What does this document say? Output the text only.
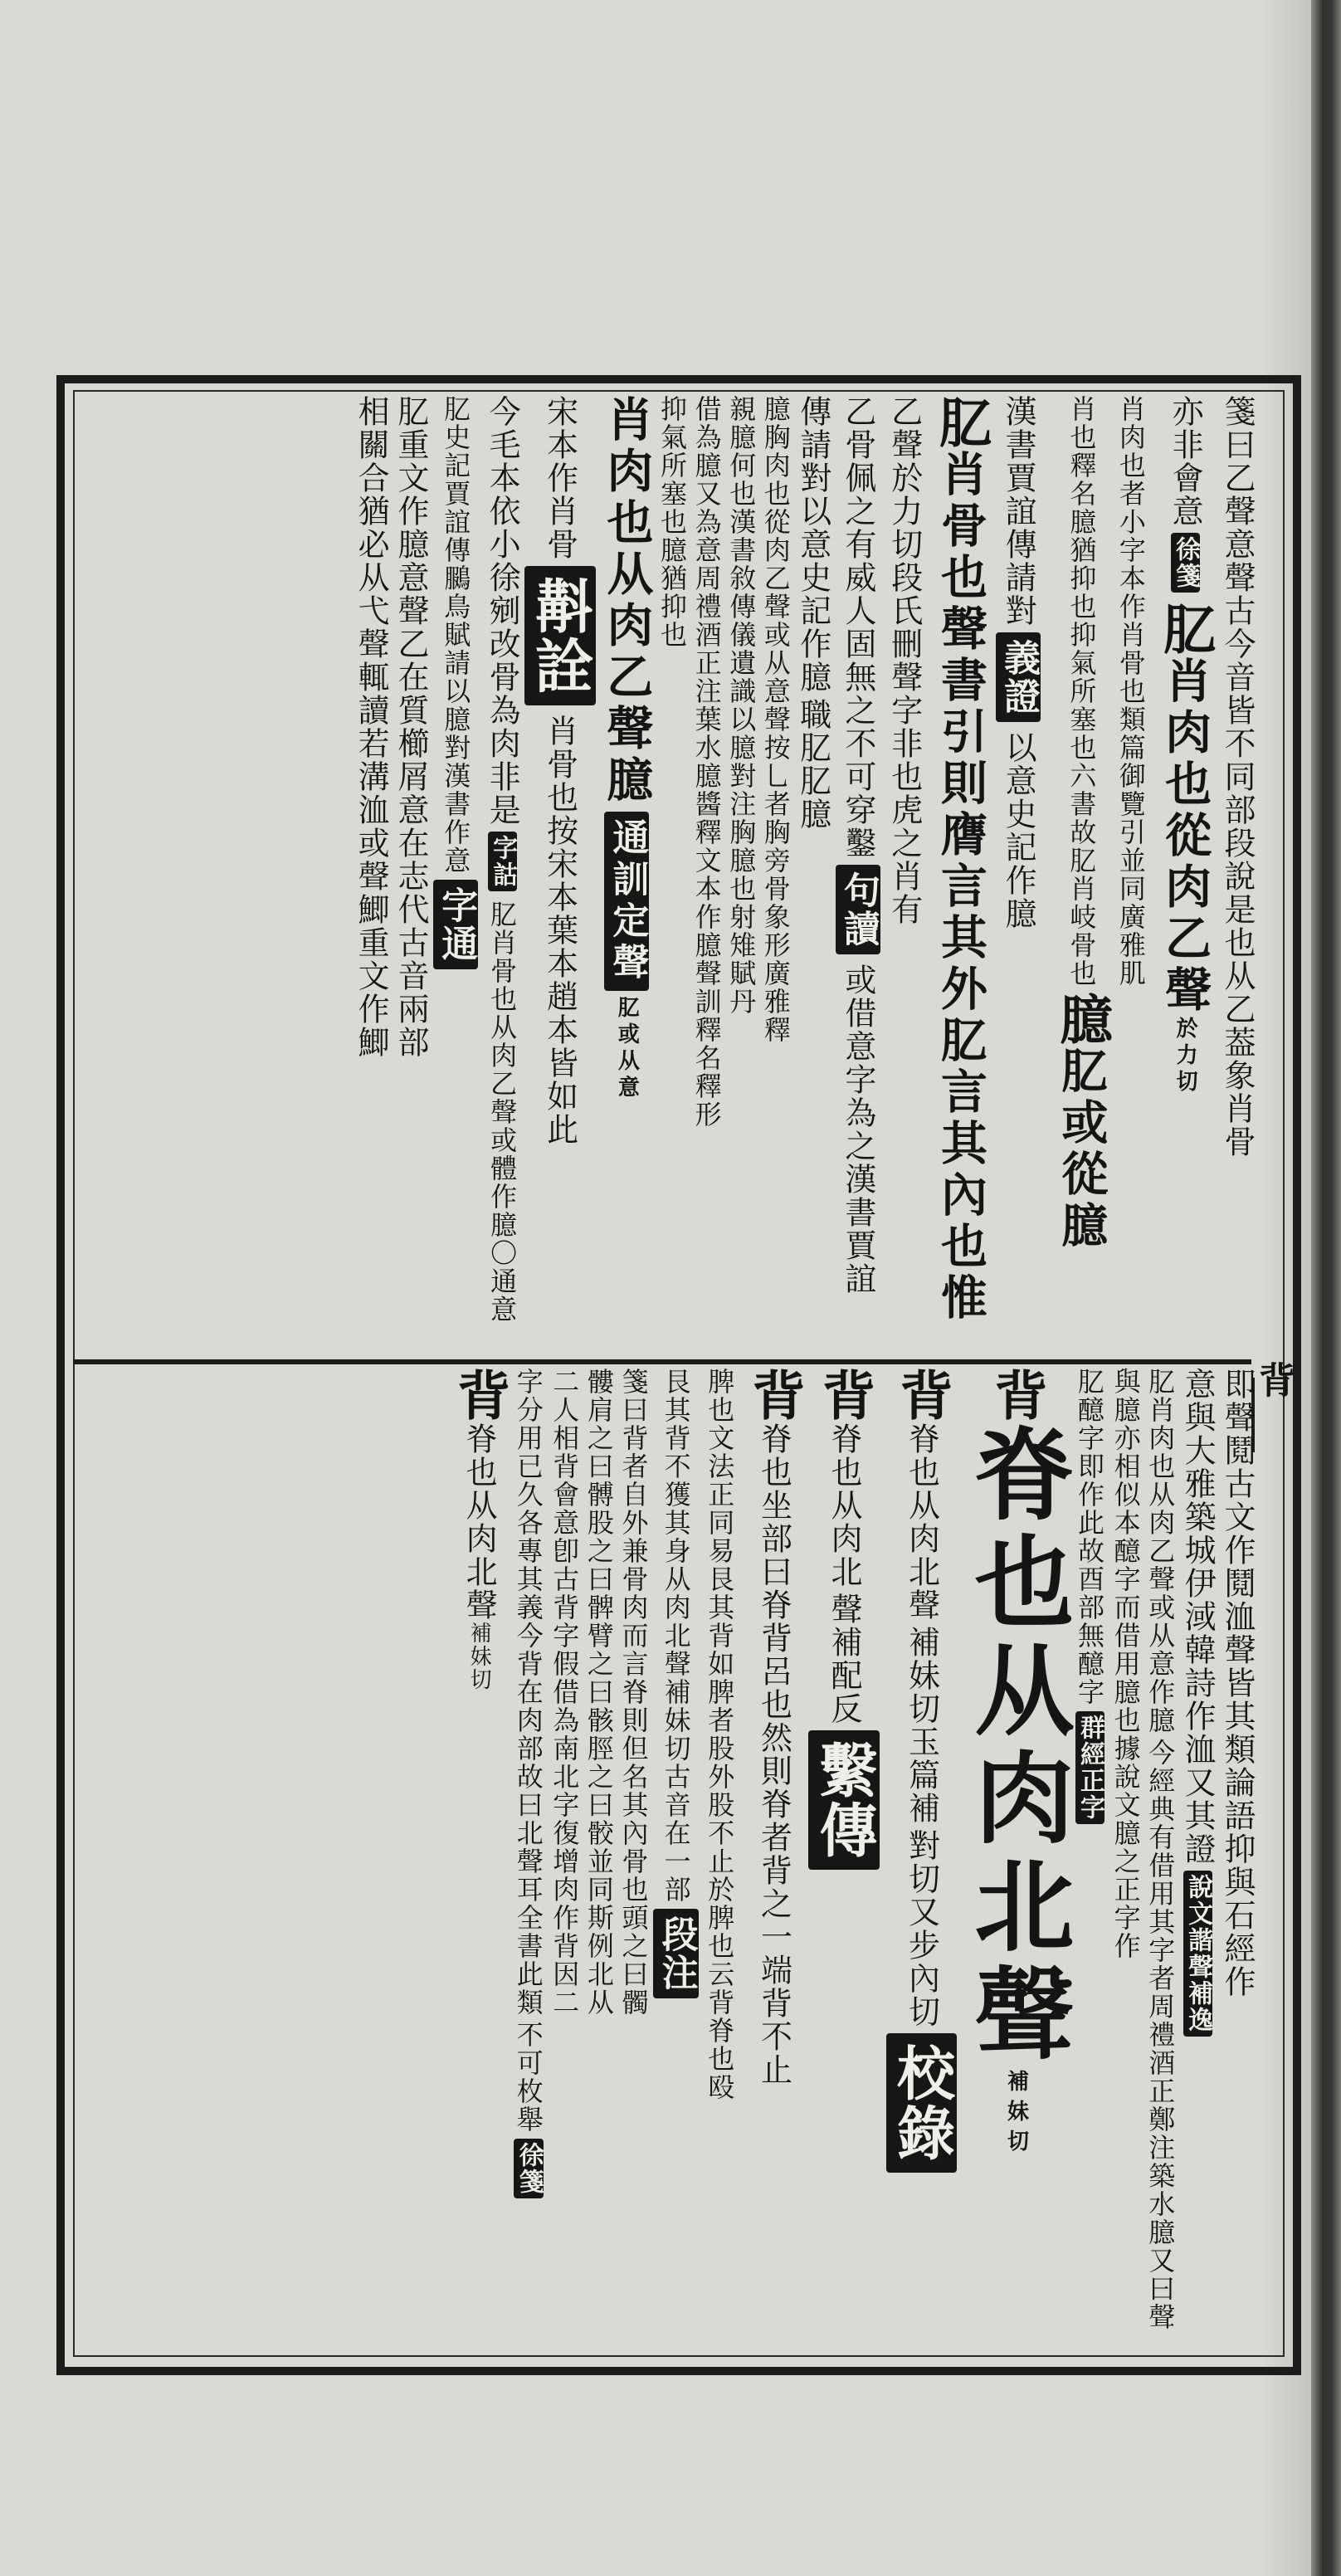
背
箋曰乙聲意聲古今音皆不同部段說是也从乙葢象肖骨 亦非會意徐箋 肊肖肉也從肉乙聲於力切 肖肉也者小字本作肖骨也類篇御覽引並同廣雅肌 肖也釋名臆猶抑也抑氣所塞也六書故肊肖岐骨也 臆肊或從臆 漢書賈誼傳請對義證 以意史記作臆 肊肖骨也聲書引則膺言其外肊言其內也惟 乙聲於力切段氏刪聲字非也虎之肖有 乙骨佩之有威人固無之不可穿鑿句讀 或借意字為之漢書賈誼 傳請對以意史記作臆 職肊肊臆 臆胸肉也從肉乙聲或从意聲按乚者胸旁骨象形廣雅釋 親臆何也漢書敘傳儀遺識以臆對注胸臆也射雉賦丹 借為臆又為意周禮酒正注葉水臆醬釋文本作臆聲訓釋名釋形 抑氣所塞也臆猶抑也 肖肉也从肉乙聲臆通訓定聲肊或从意 宋本作肖骨斠詮 肖骨也按宋本葉本趙本皆如此 今毛本依小徐剜改骨為肉非是字詁 肊肖骨也从肉乙聲或體作臆〇通意 肊史記賈誼傳鵩鳥賦請以臆對漢書作意字通 肊重文作臆意聲乙在質櫛屑意在志代古音兩部 相關合猶必从弋聲輒讀若溝洫或聲鯽重文作鯽
即聲鬩古文作鬩洫聲皆其類論語抑與石經作 意與大雅築城伊淢韓詩作洫又其證說文諧聲補逸 肊肖肉也从肉乙聲或从意作臆 今經典有借用其字者周禮酒正鄭注築水臆又曰聲 與臆亦相似本醷字而借用臆也據說文臆之正字作 肊醷字即作此故酉部無醷字群經正字 背脊也从肉北聲補妹切 背脊也从肉北聲 補妹切玉篇補 對切又步內切校錄 背脊也从肉北 聲補配反繫傳 背脊也坐部曰脊背呂也然則脊者背之一端背不止 脾也文法正同易艮其背如脾者股外股不止於脾也云背脊也殴 艮其背不獲其身从肉北聲補妹切古音在一部段注 箋曰背者自外兼骨肉而言脊則但名其內骨也頭之曰髑 髏肩之曰髆股之曰髀臂之曰骸脛之曰骹並同斯例北从 二人相背會意卽古背字假借為南北字復增肉作背因二 字分用已久各專其義今背在肉部故曰北聲耳全書此類 不可枚舉徐箋 背脊也从肉北聲補妹切
